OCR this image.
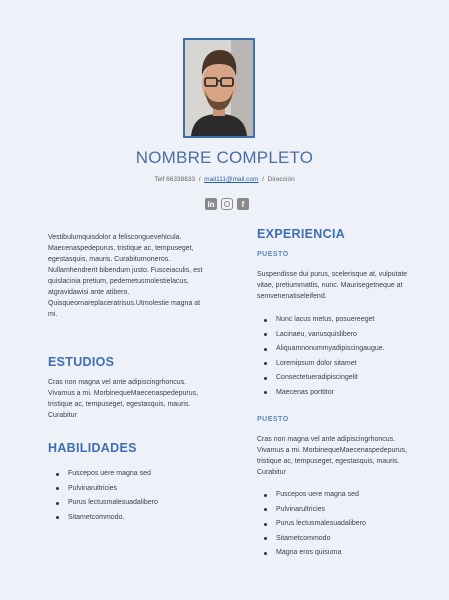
NOMBRE COMPLETO
Telf 66338833 / mail111@mail.com / Dirección
in	f
Vestibulumquisdolor a felisconguevehicula. Maecenaspedepurus, tristique ac, tempuseget, egestasquis, mauris. Curabiturnoneros. Nullamhendrerit bibendum justo. Fusceiaculis, est quislacinia pretium, pedemetusmolestielacus, atgravidawisi ante atibero. Quisqueornareplaceratrisus.Utmolestie magna at mi.
ESTUDIOS
Cras non magna vel ante adipiscingrhoncus. Vivamus a mi. MorbinequeMaecenaspedepurus, tristique ac, tempuseget, egestasquis, mauris. Curabitur
HABILIDADES
Fuscepos uere magna sed
Pulvinarultricies
Purus lectusmalesuadalibero
Sitametcommodo.
EXPERIENCIA
PUESTO
Suspendisse dui purus, scelerisque at, vulputate vitae, pretiummattis, nunc. Maurisegetneque at semvenenatiseleifend.
Nunc lacus metus, posuereeget
Lacinaeu, variusquislibero
Aliquamnonummyadipiscingaugue.
Loremipsum dolor sitamet
Consectetueradipiscingelit
Maecenas porttitor
PUESTO
Cras non magna vel ante adipiscingrhoncus. Vivamus a mi. MorbinequeMaecenaspedepurus, tristique ac, tempuseget, egestasquis, mauris. Curabitur
Fuscepos uere magna sed
Pulvinarultricies
Purus lectusmalesuadalibero
Sitametcommodo
Magna eros quisuma
